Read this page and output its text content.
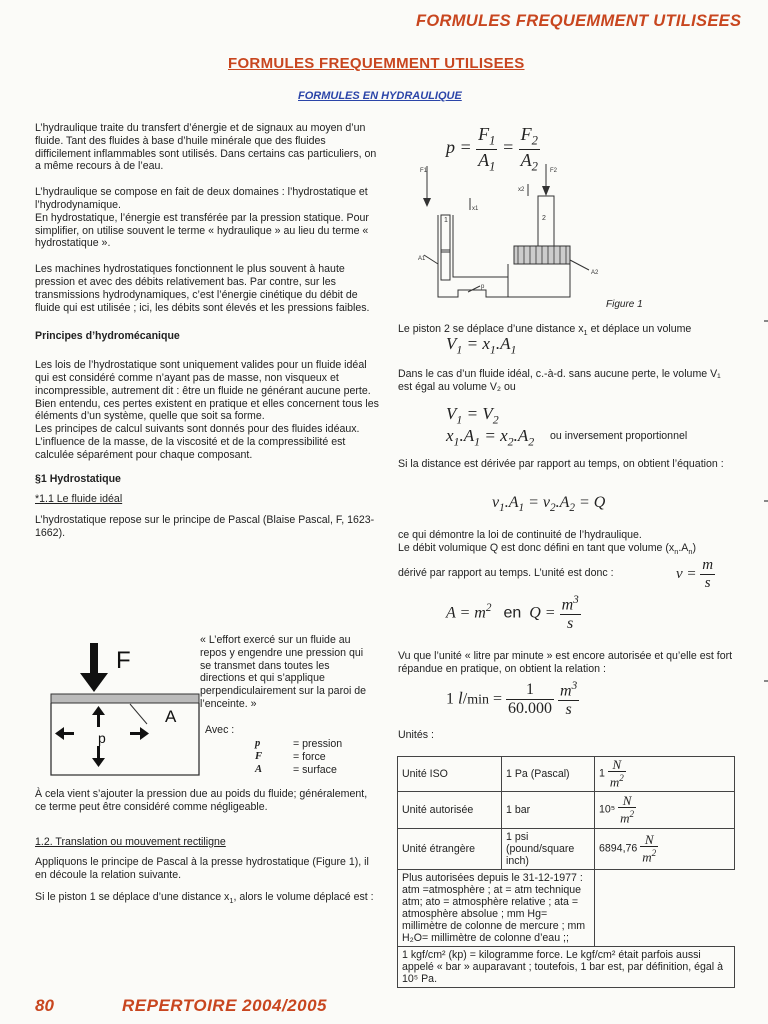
FORMULES FREQUEMMENT UTILISEES
FORMULES FREQUEMMENT UTILISEES
FORMULES EN HYDRAULIQUE

L’hydraulique traite du transfert d’énergie et de signaux au moyen d’un fluide. Tant des fluides à base d’huile minérale que des fluides difficilement inflammables sont utilisés. Dans certains cas particuliers, on a même recours à de l’eau.

L’hydraulique se compose en fait de deux domaines : l’hydrostatique et l’hydrodynamique.

En hydrostatique, l’énergie est transférée par la pression statique. Pour simplifier, on utilise souvent le terme « hydraulique » au lieu du terme « hydrostatique ».

Les machines hydrostatiques fonctionnent le plus souvent à haute pression et avec des débits relativement bas. Par contre, sur les transmissions hydrodynamiques, c’est l’énergie cinétique du débit de fluide qui est utilisée ; ici, les débits sont élevés et les pressions faibles.

Principes d’hydromécanique

Les lois de l’hydrostatique sont uniquement valides pour un fluide idéal qui est considéré comme n’ayant pas de masse, non visqueux et incompressible, autrement dit : être un fluide ne générant aucune perte. Bien entendu, ces pertes existent en pratique et elles concernent tous les éléments d’un système, quelle que soit sa forme.

Les principes de calcul suivants sont donnés pour des fluides idéaux. L’influence de la masse, de la viscosité et de la compressibilité est calculée séparément pour chaque composant.

§1 Hydrostatique

*1.1 Le fluide idéal

L’hydrostatique repose sur le principe de Pascal (Blaise Pascal, F, 1623-1662).

F
A
p
« L’effort exercé sur un fluide au repos y engendre une pression qui se transmet dans toutes les directions et qui s’applique perpendiculairement sur la paroi de l’enceinte. »
Avec :
p	= pression
F	= force
A	= surface

À cela vient s’ajouter la pression due au poids du fluide; généralement, ce terme peut être considéré comme négligeable.

1.2. Translation ou mouvement rectiligne

Appliquons le principe de Pascal à la presse hydrostatique (Figure 1), il en découle la relation suivante.

Si le piston 1 se déplace d’une distance $x_1$, alors le volume déplacé est :

$p = \frac{F_1}{A_1} = \frac{F_2}{A_2}$
F1	F2
x1
x2
1	2
A1
A2
p
Figure 1
Le piston 2 se déplace d’une distance $x_1$ et déplace un volume
$V_1 = x_1.A_1$
Dans le cas d’un fluide idéal, c.-à-d. sans aucune perte, le volume V₁ est égal au volume V₂ ou
$V_1 = V_2$
$x_1.A_1 = x_2.A_2$ ou inversement proportionnel
Si la distance est dérivée par rapport au temps, on obtient l’équation :
$v_1.A_1 = v_2.A_2 = Q$
ce qui démontre la loi de continuité de l’hydraulique.
Le débit volumique Q est donc défini en tant que volume $(x_n.A_n)$
dérivé par rapport au temps. L’unité est donc :	$v = \frac{m}{s}$
$A = m^2$ en  $Q = \frac{m^3}{s}$
Vu que l’unité « litre par minute » est encore autorisée et qu’elle est fort répandue en pratique, on obtient la relation :
1 $l/\min = \frac{1}{60.000}$
$\frac{m^3}{s}$
Unités :
Unité ISO	1 Pa (Pascal)	$1 \frac{N}{m^2}$

Unité autorisée	1 bar	$10^5 \frac{N}{m^2}$

Unité étrangère	1 psi (pound/square inch)	$6894,76 \frac{N}{m^2}$

Plus autorisées depuis le 31-12-1977 : atm =atmosphère ; at = atm technique atm; ato = atmosphère relative ; ata = atmosphère absolue ; mm Hg= millimètre de colonne de mercure ; mm H₂O= millimètre de colonne d’eau ;;		
1 kgf/cm² (kp) = kilogramme force. Le kgf/cm² était parfois aussi appelé « bar » auparavant ; toutefois, 1 bar est, par définition, égal à 10⁵ Pa.		
80	REPERTOIRE 2004/2005
